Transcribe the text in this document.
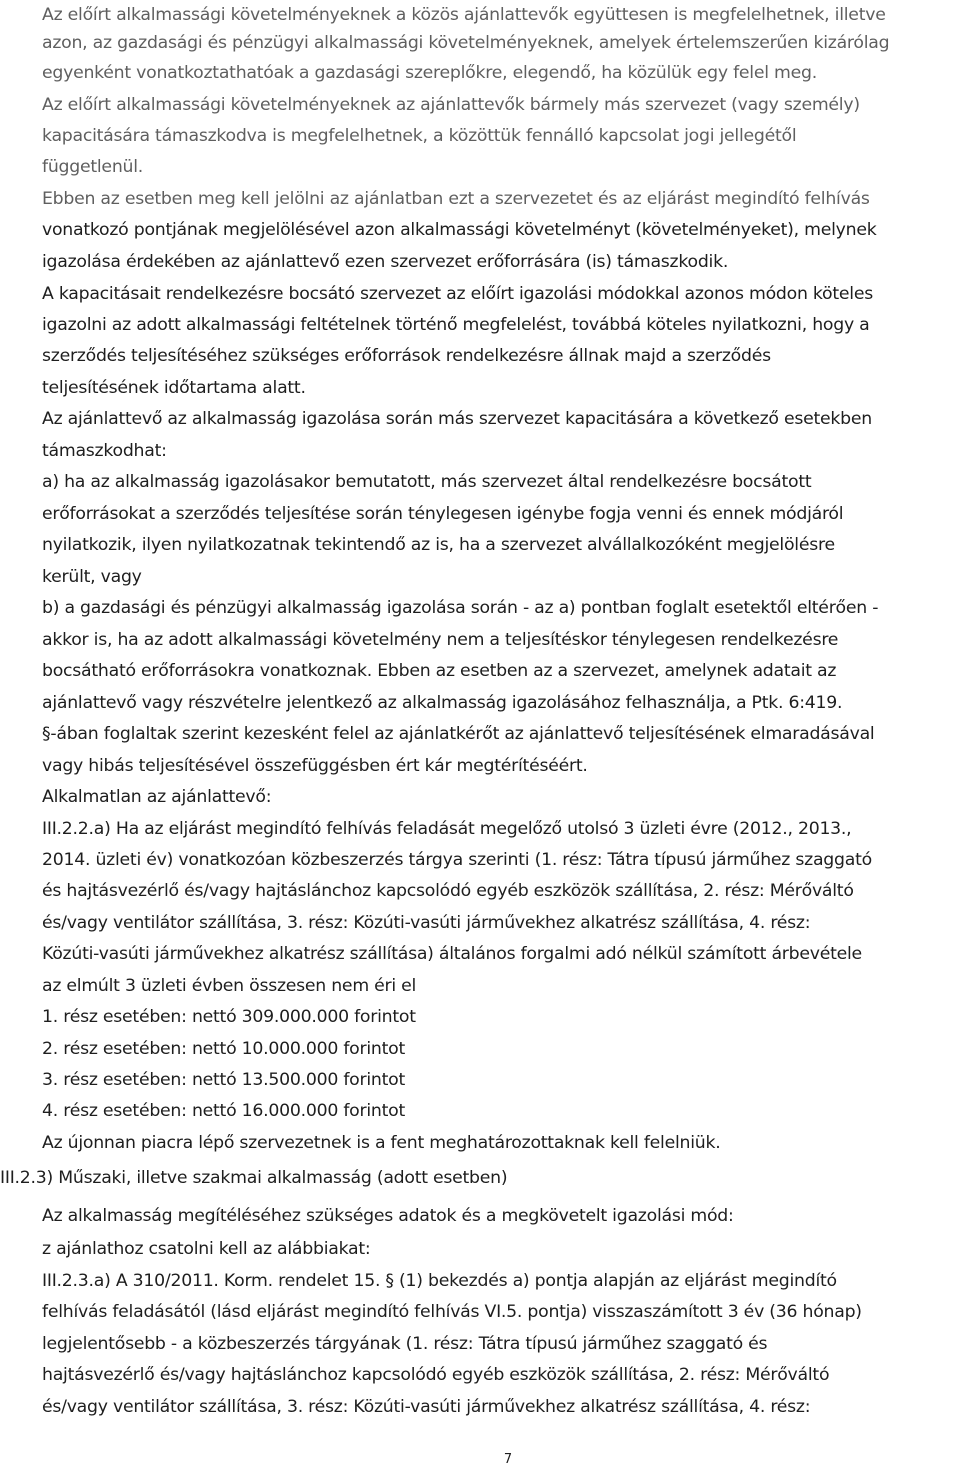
Az előírt alkalmassági követelményeknek a közös ajánlattevők együttesen is megfelelhetnek, illetve
azon, az gazdasági és pénzügyi alkalmassági követelményeknek, amelyek értelemszerűen kizárólag
egyenként vonatkoztathatóak a gazdasági szereplőkre, elegendő, ha közülük egy felel meg.
Az előírt alkalmassági követelményeknek az ajánlattevők bármely más szervezet (vagy személy)
kapacitására támaszkodva is megfelelhetnek, a közöttük fennálló kapcsolat jogi jellegétől
függetlenül.
Ebben az esetben meg kell jelölni az ajánlatban ezt a szervezetet és az eljárást megindító felhívás
vonatkozó pontjának megjelölésével azon alkalmassági követelményt (követelményeket), melynek
igazolása érdekében az ajánlattevő ezen szervezet erőforrására (is) támaszkodik.
A kapacitásait rendelkezésre bocsátó szervezet az előírt igazolási módokkal azonos módon köteles
igazolni az adott alkalmassági feltételnek történő megfelelést, továbbá köteles nyilatkozni, hogy a
szerződés teljesítéséhez szükséges erőforrások rendelkezésre állnak majd a szerződés
teljesítésének időtartama alatt.
Az ajánlattevő az alkalmasság igazolása során más szervezet kapacitására a következő esetekben
támaszkodhat:
a) ha az alkalmasság igazolásakor bemutatott, más szervezet által rendelkezésre bocsátott
erőforrásokat a szerződés teljesítése során ténylegesen igénybe fogja venni és ennek módjáról
nyilatkozik, ilyen nyilatkozatnak tekintendő az is, ha a szervezet alvállalkozóként megjelölésre
került, vagy
b) a gazdasági és pénzügyi alkalmasság igazolása során - az a) pontban foglalt esetektől eltérően -
akkor is, ha az adott alkalmassági követelmény nem a teljesítéskor ténylegesen rendelkezésre
bocsátható erőforrásokra vonatkoznak. Ebben az esetben az a szervezet, amelynek adatait az
ajánlattevő vagy részvételre jelentkező az alkalmasság igazolásához felhasználja, a Ptk. 6:419.
§-ában foglaltak szerint kezesként felel az ajánlatkérőt az ajánlattevő teljesítésének elmaradásával
vagy hibás teljesítésével összefüggésben ért kár megtérítéséért.
Alkalmatlan az ajánlattevő:
III.2.2.a) Ha az eljárást megindító felhívás feladását megelőző utolsó 3 üzleti évre (2012., 2013.,
2014. üzleti év) vonatkozóan közbeszerzés tárgya szerinti (1. rész: Tátra típusú járműhez szaggató
és hajtásvezérlő és/vagy hajtáslánchoz kapcsolódó egyéb eszközök szállítása, 2. rész: Mérőváltó
és/vagy ventilátor szállítása, 3. rész: Közúti-vasúti járművekhez alkatrész szállítása, 4. rész:
Közúti-vasúti járművekhez alkatrész szállítása) általános forgalmi adó nélkül számított árbevétele
az elmúlt 3 üzleti évben összesen nem éri el
1. rész esetében: nettó 309.000.000 forintot
2. rész esetében: nettó 10.000.000 forintot
3. rész esetében: nettó 13.500.000 forintot
4. rész esetében: nettó 16.000.000 forintot
Az újonnan piacra lépő szervezetnek is a fent meghatározottaknak kell felelniük.
III.2.3) Műszaki, illetve szakmai alkalmasság (adott esetben)
Az alkalmasság megítéléséhez szükséges adatok és a megkövetelt igazolási mód:
z ajánlathoz csatolni kell az alábbiakat:
III.2.3.a) A 310/2011. Korm. rendelet 15. § (1) bekezdés a) pontja alapján az eljárást megindító
felhívás feladásától (lásd eljárást megindító felhívás VI.5. pontja) visszaszámított 3 év (36 hónap)
legjelentősebb - a közbeszerzés tárgyának (1. rész: Tátra típusú járműhez szaggató és
hajtásvezérlő és/vagy hajtáslánchoz kapcsolódó egyéb eszközök szállítása, 2. rész: Mérőváltó
és/vagy ventilátor szállítása, 3. rész: Közúti-vasúti járművekhez alkatrész szállítása, 4. rész:
7
